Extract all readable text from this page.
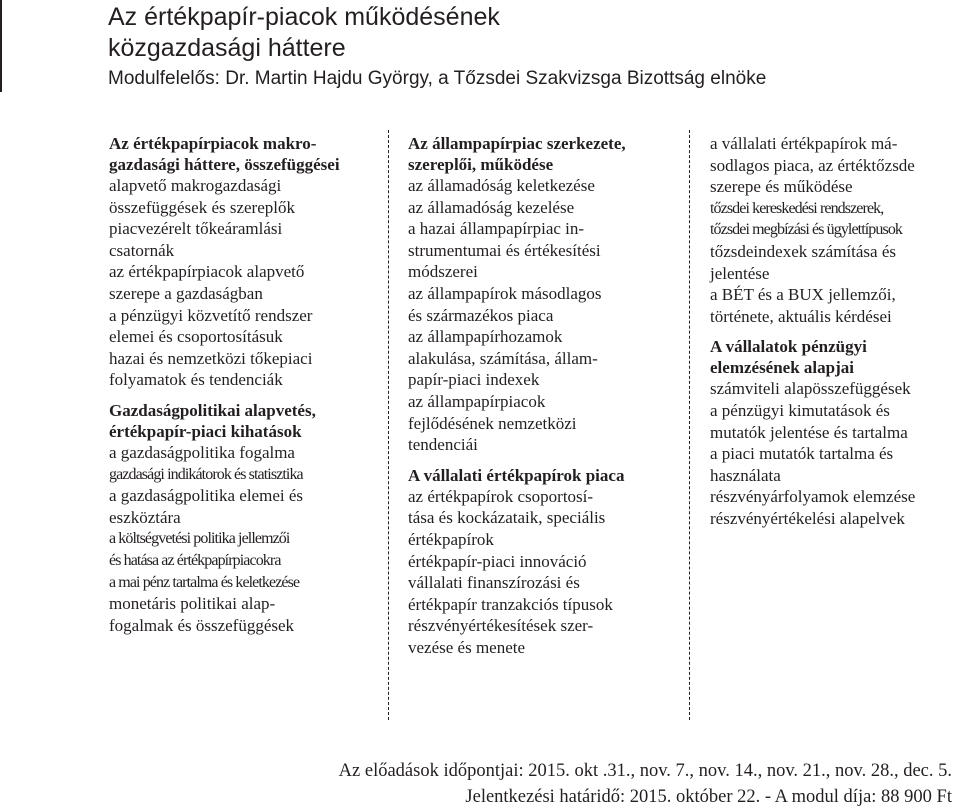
Az értékpapír-piacok működésének
közgazdasági háttere
Modulfelelős: Dr. Martin Hajdu György, a Tőzsdei Szakvizsga Bizottság elnöke
Az értékpapírpiacok makro-
gazdasági háttere, összefüggései
alapvető makrogazdasági
összefüggések és szereplők
piacvezérelt tőkeáramlási
csatornák
az értékpapírpiacok alapvető
szerepe a gazdaságban
a pénzügyi közvetítő rendszer
elemei és csoportosításuk
hazai és nemzetközi tőkepiaci
folyamatok és tendenciák
Gazdaságpolitikai alapvetés,
értékpapír-piaci kihatások
a gazdaságpolitika fogalma
gazdasági indikátorok és statisztika
a gazdaságpolitika elemei és
eszköztára
a költségvetési politika jellemzői
és hatása az értékpapírpiacokra
a mai pénz tartalma és keletkezése
monetáris politikai alap-
fogalmak és összefüggések
Az állampapírpiac szerkezete,
szereplői, működése
az államadóság keletkezése
az államadóság kezelése
a hazai állampapírpiac in-
strumentumai és értékesítési
módszerei
az állampapírok másodlagos
és származékos piaca
az állampapírhozamok
alakulása, számítása, állam-
papír-piaci indexek
az állampapírpiacok
fejlődésének nemzetközi
tendenciái
A vállalati értékpapírok piaca
az értékpapírok csoportosí-
tása és kockázataik, speciális
értékpapírok
értékpapír-piaci innováció
vállalati finanszírozási és
értékpapír tranzakciós típusok
részvényértékesítések szer-
vezése és menete
a vállalati értékpapírok má-
sodlagos piaca, az értéktőzsde
szerepe és működése
tőzsdei kereskedési rendszerek,
tőzsdei megbízási és ügylettípusok
tőzsdeindexek számítása és
jelentése
a BÉT és a BUX jellemzői,
története, aktuális kérdései
A vállalatok pénzügyi
elemzésének alapjai
számviteli alapösszefüggések
a pénzügyi kimutatások és
mutatók jelentése és tartalma
a piaci mutatók tartalma és
használata
részvényárfolyamok elemzése
részvényértékelési alapelvek
Az előadások időpontjai: 2015. okt .31., nov. 7., nov. 14., nov. 21., nov. 28., dec. 5.
Jelentkezési határidő: 2015. október 22. - A modul díja: 88 900 Ft
